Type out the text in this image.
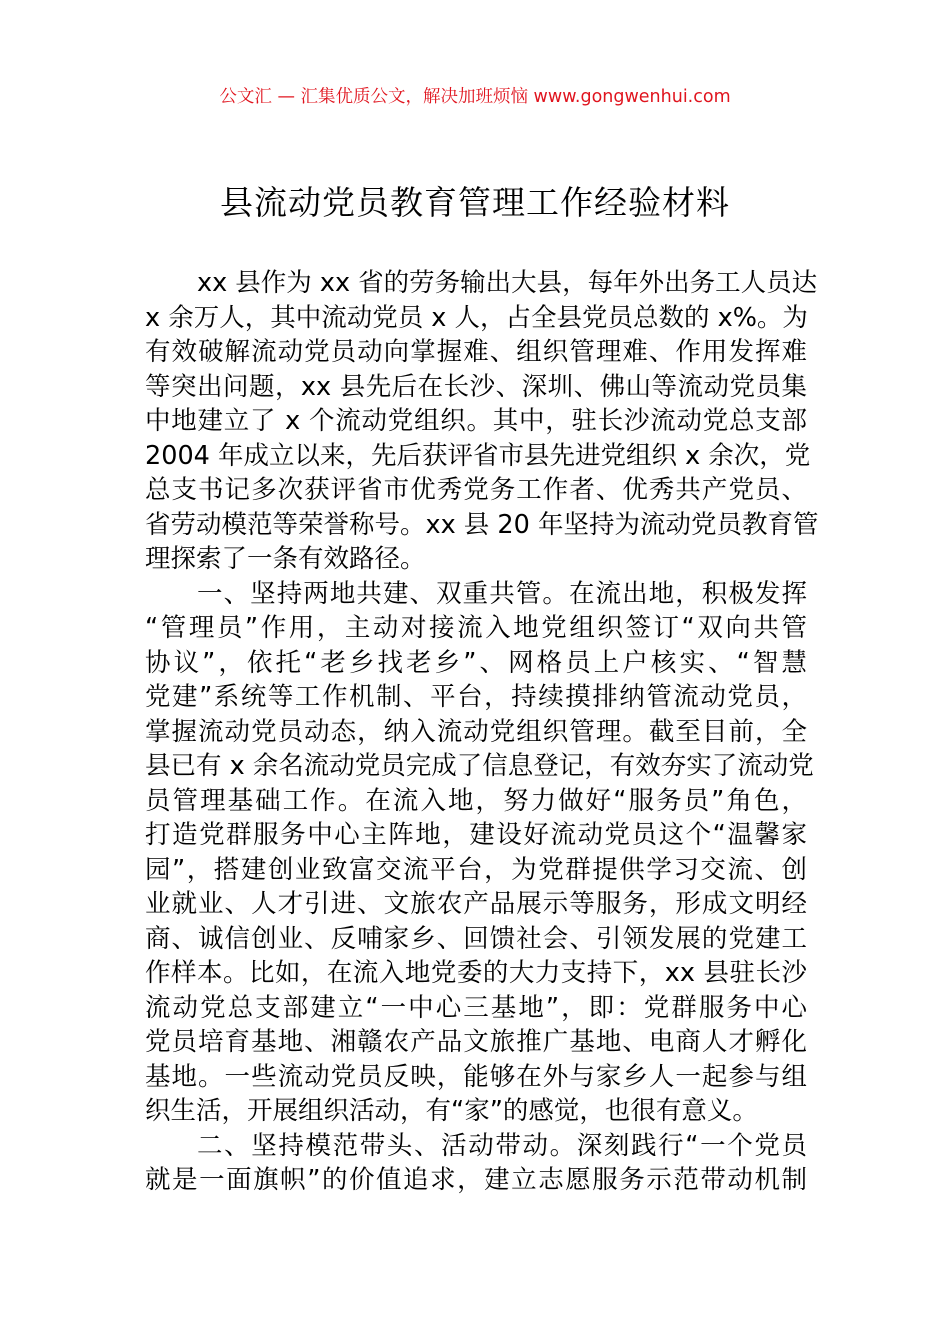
公文汇 — 汇集优质公文，解决加班烦恼 www.gongwenhui.com
县流动党员教育管理工作经验材料
xx 县作为 xx 省的劳务输出大县，每年外出务工人员达
x 余万人，其中流动党员 x 人，占全县党员总数的 x%。为
有效破解流动党员动向掌握难、组织管理难、作用发挥难
等突出问题，xx 县先后在长沙、深圳、佛山等流动党员集
中地建立了 x 个流动党组织。其中，驻长沙流动党总支部
2004 年成立以来，先后获评省市县先进党组织 x 余次，党
总支书记多次获评省市优秀党务工作者、优秀共产党员、
省劳动模范等荣誉称号。xx 县 20 年坚持为流动党员教育管
理探索了一条有效路径。
一、坚持两地共建、双重共管。在流出地，积极发挥
“管理员”作用，主动对接流入地党组织签订“双向共管
协议”，依托“老乡找老乡”、网格员上户核实、“智慧
党建”系统等工作机制、平台，持续摸排纳管流动党员，
掌握流动党员动态，纳入流动党组织管理。截至目前，全
县已有 x 余名流动党员完成了信息登记，有效夯实了流动党
员管理基础工作。在流入地，努力做好“服务员”角色，
打造党群服务中心主阵地，建设好流动党员这个“温馨家
园”，搭建创业致富交流平台，为党群提供学习交流、创
业就业、人才引进、文旅农产品展示等服务，形成文明经
商、诚信创业、反哺家乡、回馈社会、引领发展的党建工
作样本。比如，在流入地党委的大力支持下，xx 县驻长沙
流动党总支部建立“一中心三基地”，即：党群服务中心
党员培育基地、湘赣农产品文旅推广基地、电商人才孵化
基地。一些流动党员反映，能够在外与家乡人一起参与组
织生活，开展组织活动，有“家”的感觉，也很有意义。
二、坚持模范带头、活动带动。深刻践行“一个党员
就是一面旗帜”的价值追求，建立志愿服务示范带动机制
